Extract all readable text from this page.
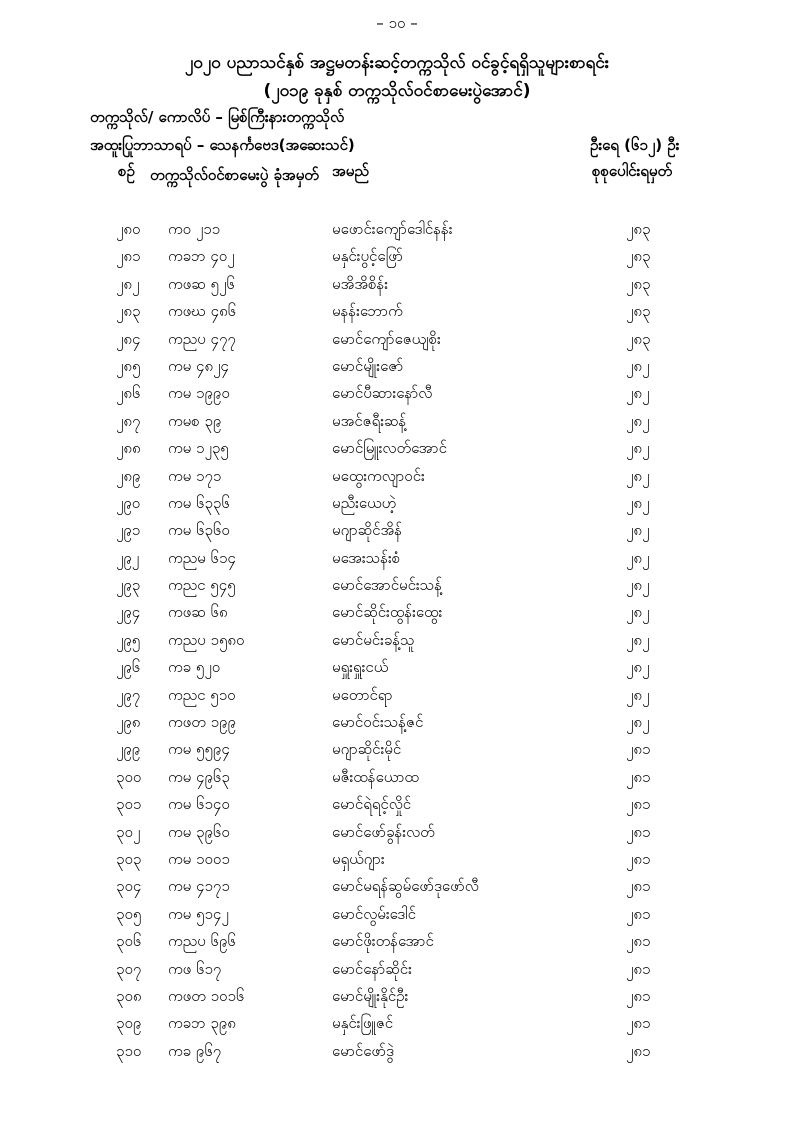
– ၁၀ –
၂၀၂၀ ပညာသင်နှစ် အဋ္ဌမတန်းဆင့်တက္ကသိုလ် ဝင်ခွင့်ရရှိသူများစာရင်း
(၂၀၁၉ ခုနှစ် တက္ကသိုလ်ဝင်စာမေးပွဲအောင်)
တက္ကသိုလ်/ ကောလိပ် – မြစ်ကြီးနားတက္ကသိုလ်
အထူးပြုဘာသာရပ် – သေနင်္ကဗေဒ(အဆေးသင်)	ဦးရေ (၆၁၂) ဦး
စဉ် တက္ကသိုလ်ဝင်စာမေးပွဲ ခုံအမှတ် အမည်	စုစုပေါင်းရမှတ်
၂၈၀ ကဝ ၂၁၁	မဖောင်းကျော်ဒေါင်နန်း	၂၈၃
၂၈၁ ကခဘ ၄၀၂	မနှင်းပွင့်ဖြော်	၂၈၃
၂၈၂ ကဖဆ ၅၂၆	မအိအိစိန်း	၂၈၃
၂၈၃ ကဖဃ ၄၈၆	မနန်းဘောက်	၂၈၃
၂၈၄ ကညပ ၄၇၇	မောင်ကျော်ဇေယျစိုး	၂၈၃
၂၈၅ ကမ ၄၈၂၄	မောင်မျိုးဇော်	၂၈၂
၂၈၆ ကမ ၁၉၉၀	မောင်ပီဆားနော်လီ	၂၈၂
၂၈၇ ကမစ ၃၉	မအင်ဇရီးဆန့်	၂၈၂
၂၈၈ ကမ ၁၂၃၅	မောင်မြူးလတ်အောင်	၂၈၂
၂၈၉ ကမ ၁၇၁	မထွေးကလျာဝင်း	၂၈၂
၂၉၀ ကမ ၆၃၃၆	မညီးယေဟဲ့	၂၈၂
၂၉၁ ကမ ၆၃၆၀	မဂျာဆိုင်အိန်	၂၈၂
၂၉၂ ကညမ ၆၁၄	မအေးသန်းစံ	၂၈၂
၂၉၃ ကညင ၅၄၅	မောင်အောင်မင်းသန့်	၂၈၂
၂၉၄ ကဖဆ ၆၈	မောင်ဆိုင်းထွန်းထွေး	၂၈၂
၂၉၅ ကညပ ၁၅၈၀	မောင်မင်းခန့်သူ	၂၈၂
၂၉၆ ကခ ၅၂၀	မရှူးရှူးငယ်	၂၈၂
၂၉၇ ကညင ၅၁၀	မတောင်ရာ	၂၈၂
၂၉၈ ကဖတ ၁၉၉	မောင်ဝင်းသန့်ဇင်	၂၈၂
၂၉၉ ကမ ၅၅၉၄	မဂျာဆိုင်းမိုင်	၂၈၁
၃၀၀ ကမ ၄၉၆၃	မဇီးထန်ယောထ	၂၈၁
၃၀၁ ကမ ၆၁၄၀	မောင်ရဲရင့်လှိုင်	၂၈၁
၃၀၂ ကမ ၃၉၆၀	မောင်ဖော်ခွန်းလတ်	၂၈၁
၃၀၃ ကမ ၁၀၀၁	မရှယ်ဂျား	၂၈၁
၃၀၄ ကမ ၄၁၇၁	မောင်မရန်ဆွမ်ဖော်ဒုဖော်လီ	၂၈၁
၃၀၅ ကမ ၅၁၄၂	မောင်လွမ်းဒေါင်	၂၈၁
၃၀၆ ကညပ ၆၉၆	မောင်ဖိုးတန်အောင်	၂၈၁
၃၀၇ ကဖ ၆၁၇	မောင်နော်ဆိုင်း	၂၈၁
၃၀၈ ကဖတ ၁၀၁၆	မောင်မျိုးနိုင်ဦး	၂၈၁
၃၀၉ ကခဘ ၃၉၈	မနှင်းဖြူဇင်	၂၈၁
၃၁၀ ကခ ၉၆၇	မောင်ဖော်ဒွဲ	၂၈၁
